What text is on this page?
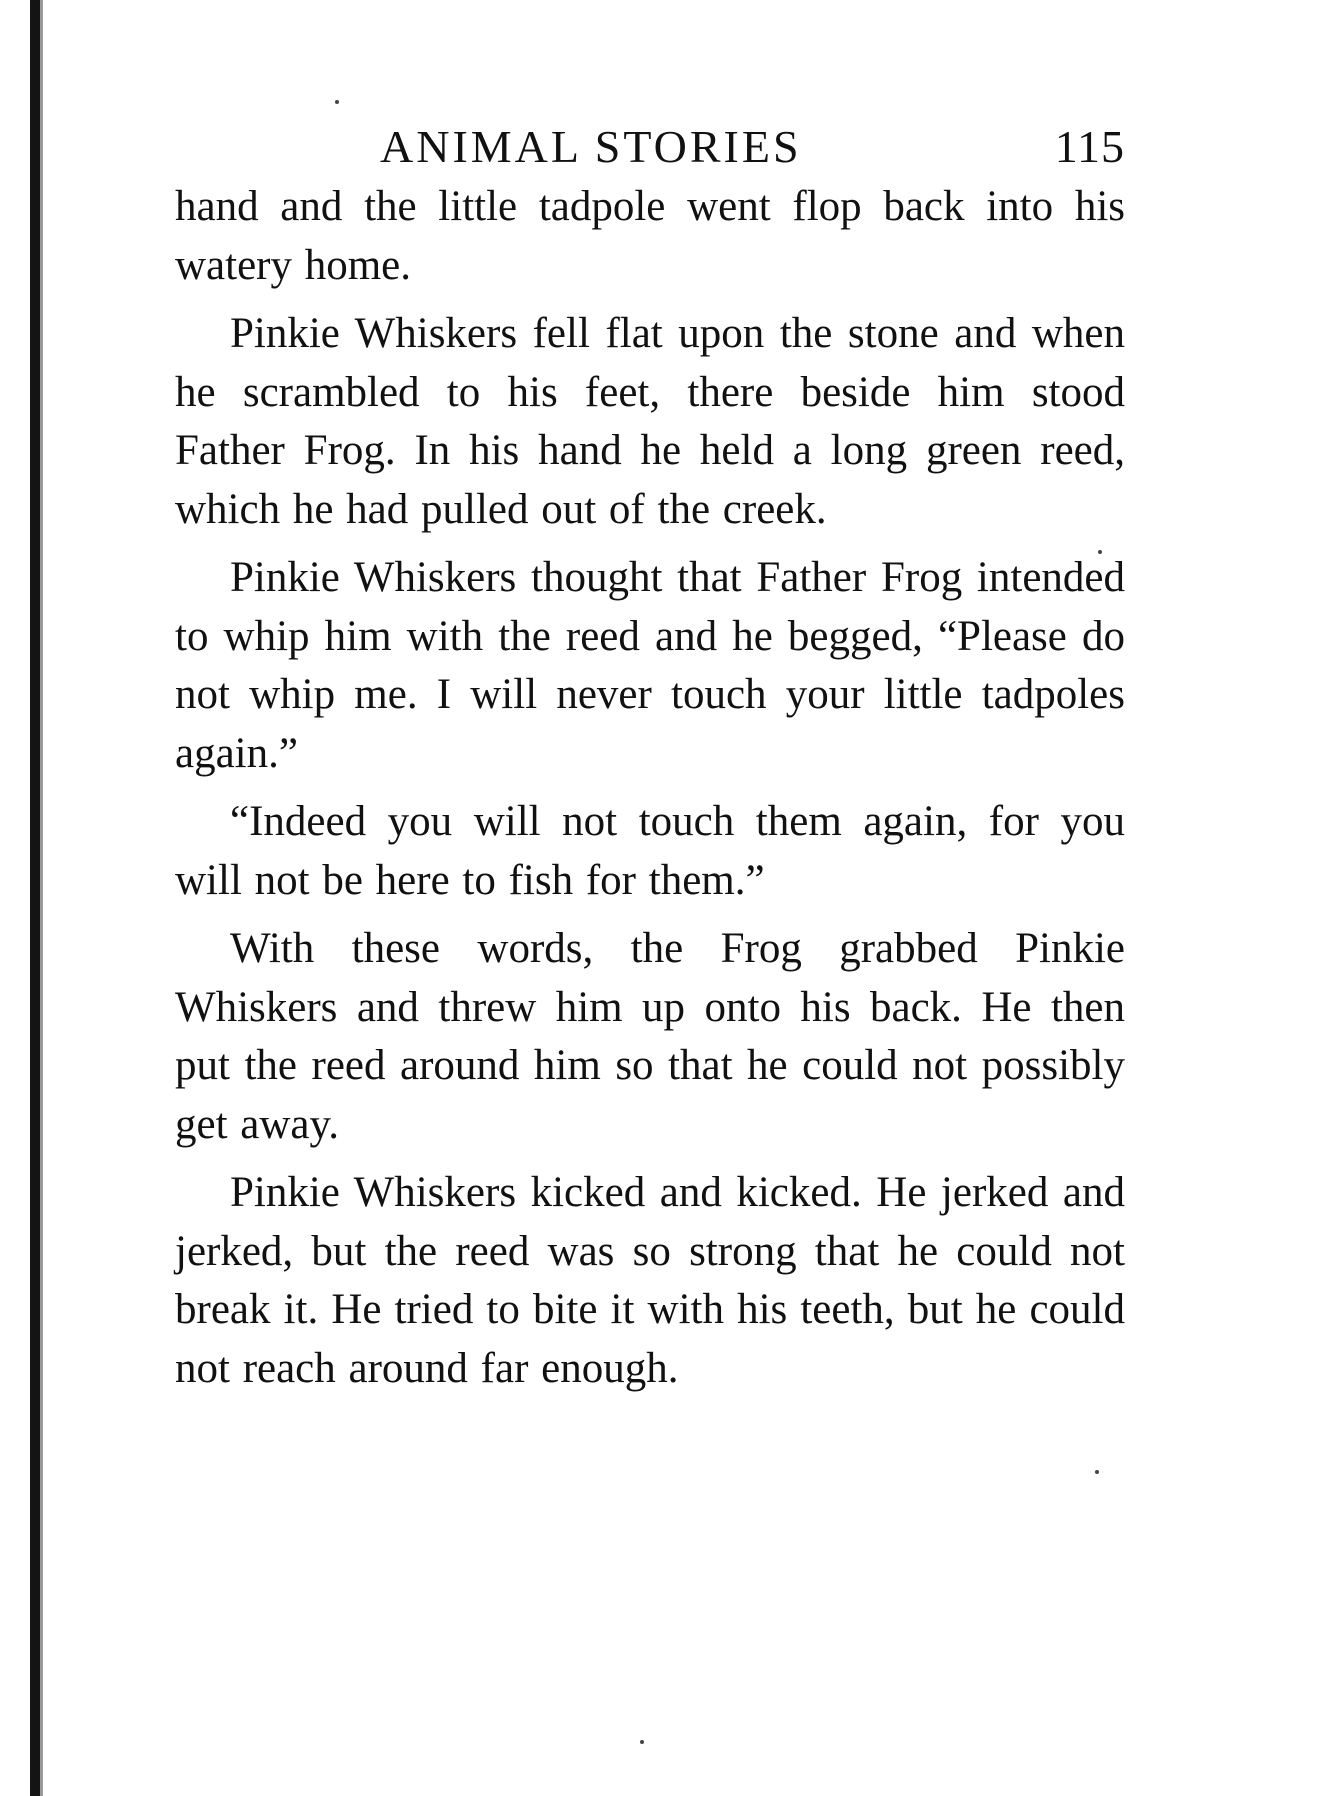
ANIMAL STORIES	115

hand and the little tadpole went flop back into his watery home.

Pinkie Whiskers fell flat upon the stone and when he scrambled to his feet, there beside him stood Father Frog. In his hand he held a long green reed, which he had pulled out of the creek.

Pinkie Whiskers thought that Father Frog intended to whip him with the reed and he begged, “Please do not whip me. I will never touch your little tadpoles again.”

“Indeed you will not touch them again, for you will not be here to fish for them.”

With these words, the Frog grabbed Pinkie Whiskers and threw him up onto his back. He then put the reed around him so that he could not possibly get away.

Pinkie Whiskers kicked and kicked. He jerked and jerked, but the reed was so strong that he could not break it. He tried to bite it with his teeth, but he could not reach around far enough.
